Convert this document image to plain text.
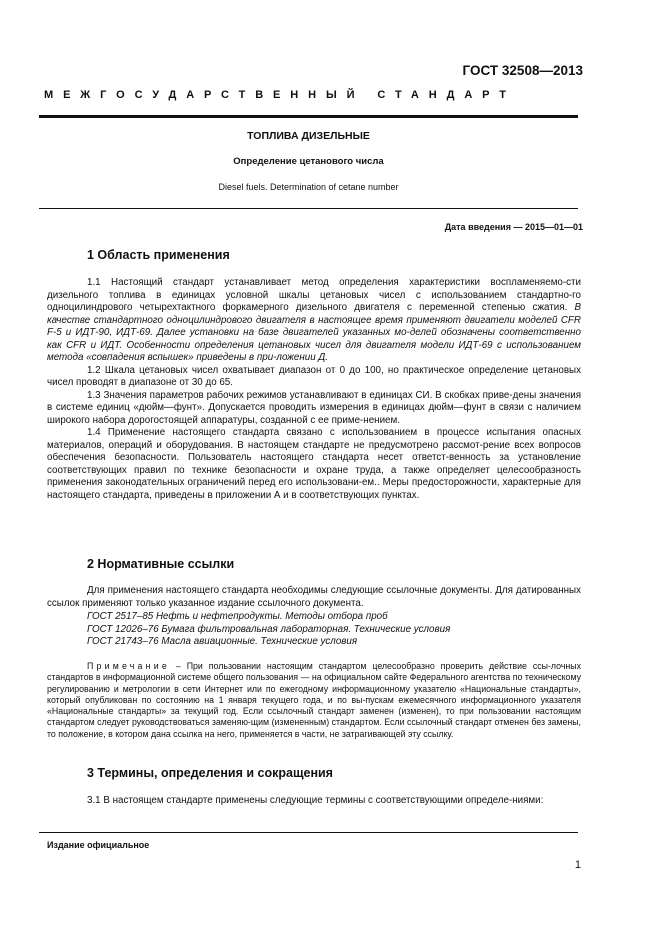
ГОСТ 32508—2013
МЕЖГОСУДАРСТВЕННЫЙ СТАНДАРТ
ТОПЛИВА ДИЗЕЛЬНЫЕ
Определение цетанового числа
Diesel fuels. Determination of cetane number
Дата введения — 2015—01—01
1 Область применения

1.1 Настоящий стандарт устанавливает метод определения характеристики воспламеняемо-сти дизельного топлива в единицах условной шкалы цетановых чисел с использованием стандартно-го одноцилиндрового четырехтактного форкамерного дизельного двигателя с переменной степенью сжатия. В качестве стандартного одноцилиндрового двигателя в настоящее время применяют двигатели моделей CFR F-5 и ИДТ-90, ИДТ-69. Далее установки на базе двигателей указанных мо-делей обозначены соответственно как CFR и ИДТ. Особенности определения цетановых чисел для двигателя модели ИДТ-69 с использованием метода «совпадения вспышек» приведены в при-ложении Д.

1.2 Шкала цетановых чисел охватывает диапазон от 0 до 100, но практическое определение цетановых чисел проводят в диапазоне от 30 до 65.

1.3 Значения параметров рабочих режимов устанавливают в единицах СИ. В скобках приве-дены значения в системе единиц «дюйм—фунт». Допускается проводить измерения в единицах дюйм—фунт в связи с наличием широкого набора дорогостоящей аппаратуры, созданной с ее приме-нением.

1.4 Применение настоящего стандарта связано с использованием в процессе испытания опасных материалов, операций и оборудования. В настоящем стандарте не предусмотрено рассмот-рение всех вопросов обеспечения безопасности. Пользователь настоящего стандарта несет ответст-венность за установление соответствующих правил по технике безопасности и охране труда, а также определяет целесообразность применения законодательных ограничений перед его использовани-ем.. Меры предосторожности, характерные для настоящего стандарта, приведены в приложении А и в соответствующих пунктах.

2 Нормативные ссылки

Для применения настоящего стандарта необходимы следующие ссылочные документы. Для датированных ссылок применяют только указанное издание ссылочного документа.

ГОСТ 2517–85 Нефть и нефтепродукты. Методы отбора проб
ГОСТ 12026–76 Бумага фильтровальная лабораторная. Технические условия
ГОСТ 21743–76 Масла авиационные. Технические условия

Примечание – При пользовании настоящим стандартом целесообразно проверить действие ссы-лочных стандартов в информационной системе общего пользования — на официальном сайте Федерального агентства по техническому регулированию и метрологии в сети Интернет или по ежегодному информационному указателю «Национальные стандарты», который опубликован по состоянию на 1 января текущего года, и по вы-пускам ежемесячного информационного указателя «Национальные стандарты» за текущий год. Если ссылочный стандарт заменен (изменен), то при пользовании настоящим стандартом следует руководствоваться заменяю-щим (измененным) стандартом. Если ссылочный стандарт отменен без замены, то положение, в котором дана ссылка на него, применяется в части, не затрагивающей эту ссылку.

3 Термины, определения и сокращения

3.1 В настоящем стандарте применены следующие термины с соответствующими определе-ниями:

Издание официальное
1
